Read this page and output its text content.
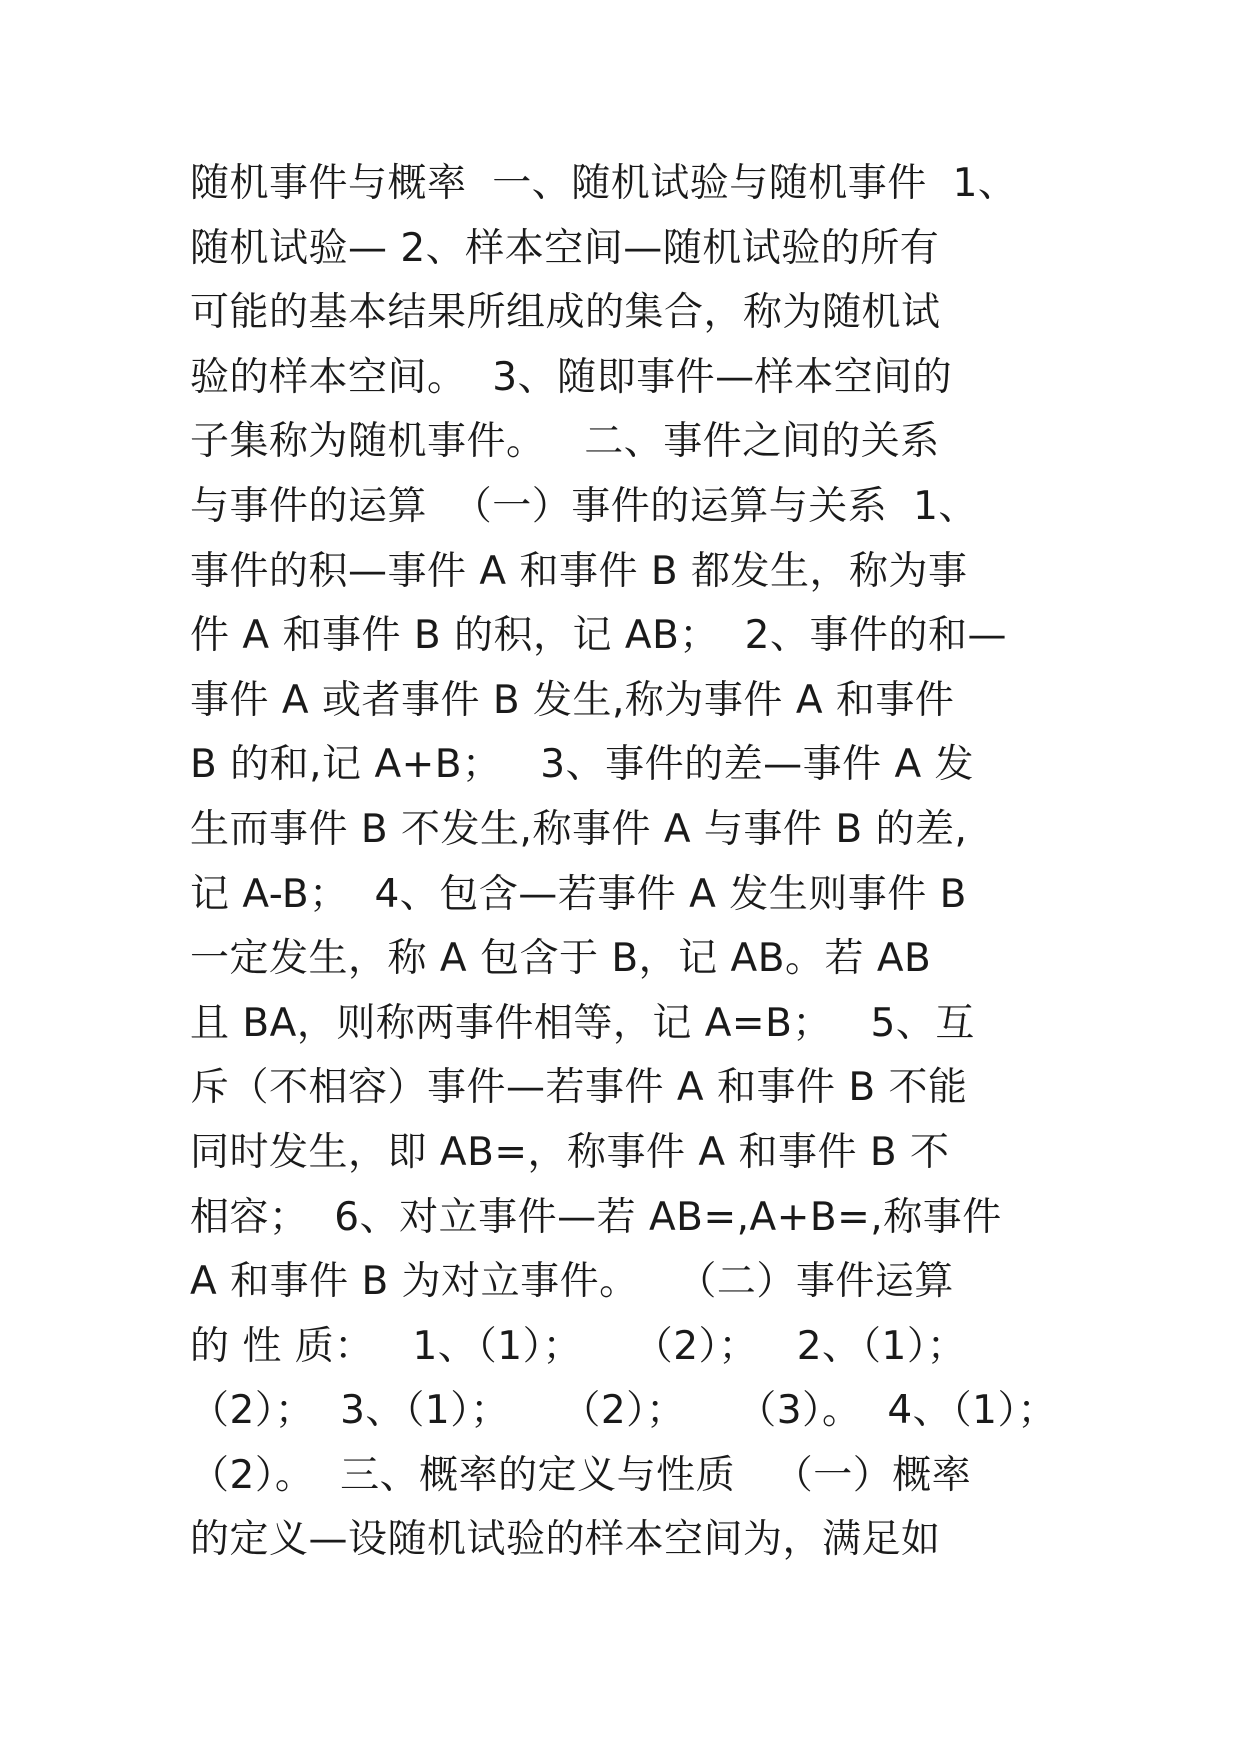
随机事件与概率  一、随机试验与随机事件  1、
随机试验— 2、样本空间—随机试验的所有
可能的基本结果所组成的集合，称为随机试
验的样本空间。  3、随即事件—样本空间的
子集称为随机事件。   二、事件之间的关系
与事件的运算  （一）事件的运算与关系  1、
事件的积—事件 A 和事件 B 都发生，称为事
件 A 和事件 B 的积，记 AB；  2、事件的和—
事件 A 或者事件 B 发生,称为事件 A 和事件
B 的和,记 A+B；   3、事件的差—事件 A 发
生而事件 B 不发生,称事件 A 与事件 B 的差,
记 A-B；  4、包含—若事件 A 发生则事件 B
一定发生，称 A 包含于 B，记 AB。若 AB
且 BA，则称两事件相等，记 A=B；   5、互
斥（不相容）事件—若事件 A 和事件 B 不能
同时发生，即 AB=，称事件 A 和事件 B 不
相容；  6、对立事件—若 AB=,A+B=,称事件
A 和事件 B 为对立事件。   （二）事件运算
的 性 质：   1、（1）；    （2）；   2、（1）；
（2）；  3、（1）；    （2）；    （3）。  4、（1）；
（2）。  三、概率的定义与性质   （一）概率
的定义—设随机试验的样本空间为，满足如
